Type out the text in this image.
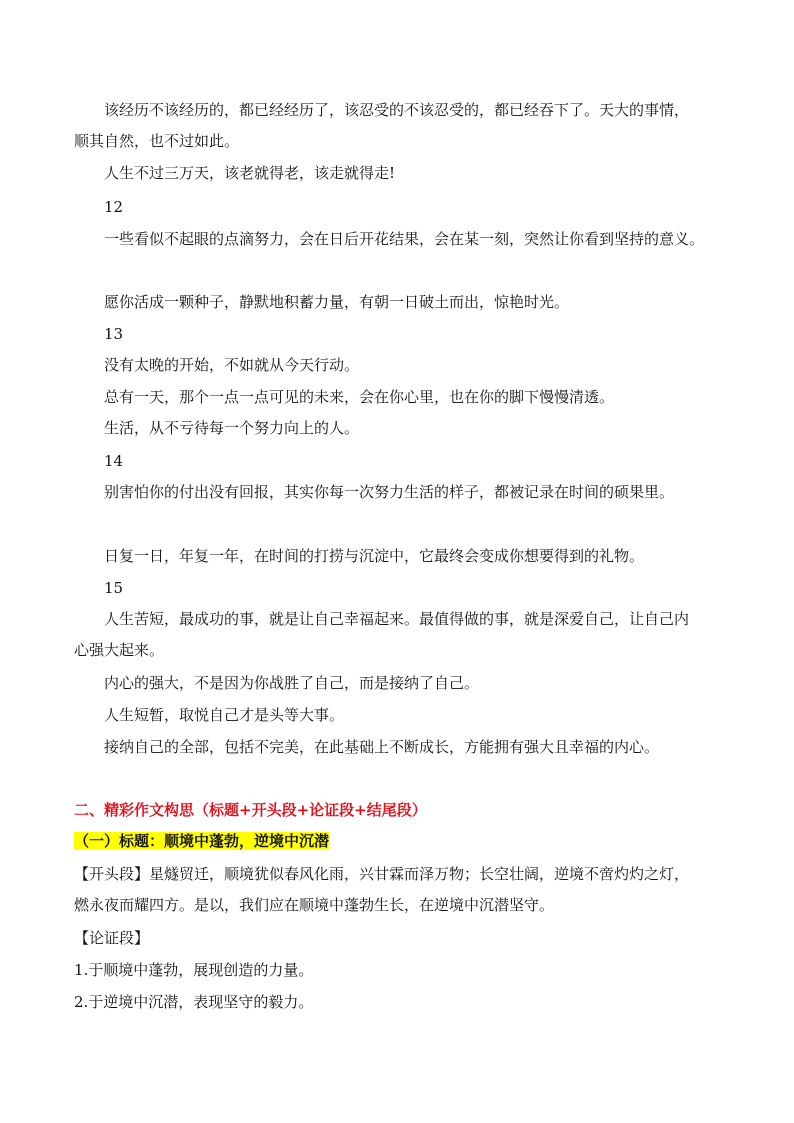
该经历不该经历的，都已经经历了，该忍受的不该忍受的，都已经吞下了。天大的事情，
顺其自然，也不过如此。
人生不过三万天，该老就得老，该走就得走!
12
一些看似不起眼的点滴努力，会在日后开花结果，会在某一刻，突然让你看到坚持的意义。
愿你活成一颗种子，静默地积蓄力量，有朝一日破土而出，惊艳时光。
13
没有太晚的开始，不如就从今天行动。
总有一天，那个一点一点可见的未来，会在你心里，也在你的脚下慢慢清透。
生活，从不亏待每一个努力向上的人。
14
别害怕你的付出没有回报，其实你每一次努力生活的样子，都被记录在时间的硕果里。
日复一日，年复一年，在时间的打捞与沉淀中，它最终会变成你想要得到的礼物。
15
人生苦短，最成功的事，就是让自己幸福起来。最值得做的事，就是深爱自己，让自己内
心强大起来。
内心的强大，不是因为你战胜了自己，而是接纳了自己。
人生短暂，取悦自己才是头等大事。
接纳自己的全部，包括不完美，在此基础上不断成长，方能拥有强大且幸福的内心。
二、精彩作文构思（标题+开头段+论证段+结尾段）
（一）标题：顺境中蓬勃，逆境中沉潜
【开头段】星燧贸迁，顺境犹似春风化雨，兴甘霖而泽万物；长空壮阔，逆境不啻灼灼之灯，
燃永夜而耀四方。是以，我们应在顺境中蓬勃生长，在逆境中沉潜坚守。
【论证段】
1.于顺境中蓬勃，展现创造的力量。
2.于逆境中沉潜，表现坚守的毅力。
